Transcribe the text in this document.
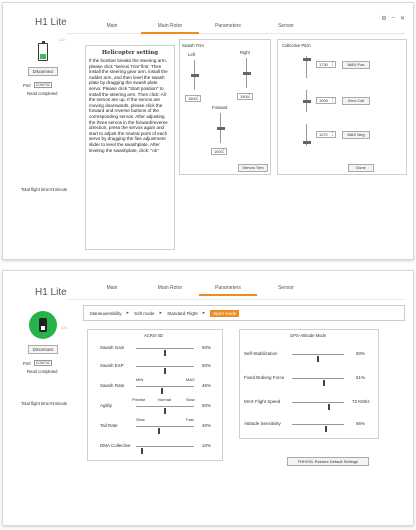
H1 Lite
1.0
Main	Main Rotor	Parameters	Sensor
⚙ – ✕
Disconnect
Port	COM732
Read completed
Total flight time:#1minute
Helicopter setting

If the bomber breaks the steering arm, please click "servos Trim"first. Then install the steering gear arm, install the rudder arm, and then level the swash plate by dragging the swash plate servo. Please click "Start position" to install the steering arm. Then click: All the servos are up. If the servos are moving downwards, please click the forward and reverse buttons of the corresponding servos. After adjusting the three servos in the forward/reverse direction, press the servos again and start to adjust the neutral point of each servo by dragging the fine adjustment slider to level the swashplate. After leveling the swashplate, click: "ok"

Swash Trim
Left	Right
1500 ▴▾	1500 ▴▾
Forward
1500 ▴▾
Servos Trim
Collective Pitch
1730 ▴▾	MAX Pos
1000 ▴▾	Zero Coll
1170 ▴▾	MAX Neg
Done
H1 Lite
1.0
Main	Main Rotor	Parameters	Sensor
Disconnect
Port	COM732
Read completed
Total flight time:#1minute
Maneuverability ▸ Soft mode ▸ Standard Flight ▸	Sport mode
ACRO-3D
Swash Gain	50%
Swash EXP	50%
MIN	MAX
Swash Rate	45%
Precise	Normal	Slow
Agility	50%
Slow	Fast
Tail Rate	40%
DMA Collective	10%
GPS-Attitude Mode
Self-Stabilization	50%
Fixed Braking Force	61%
MAX Flight Speed	72 KM/H
Attitude Sensitivity	66%
FHHSSL Restore Default Settings
